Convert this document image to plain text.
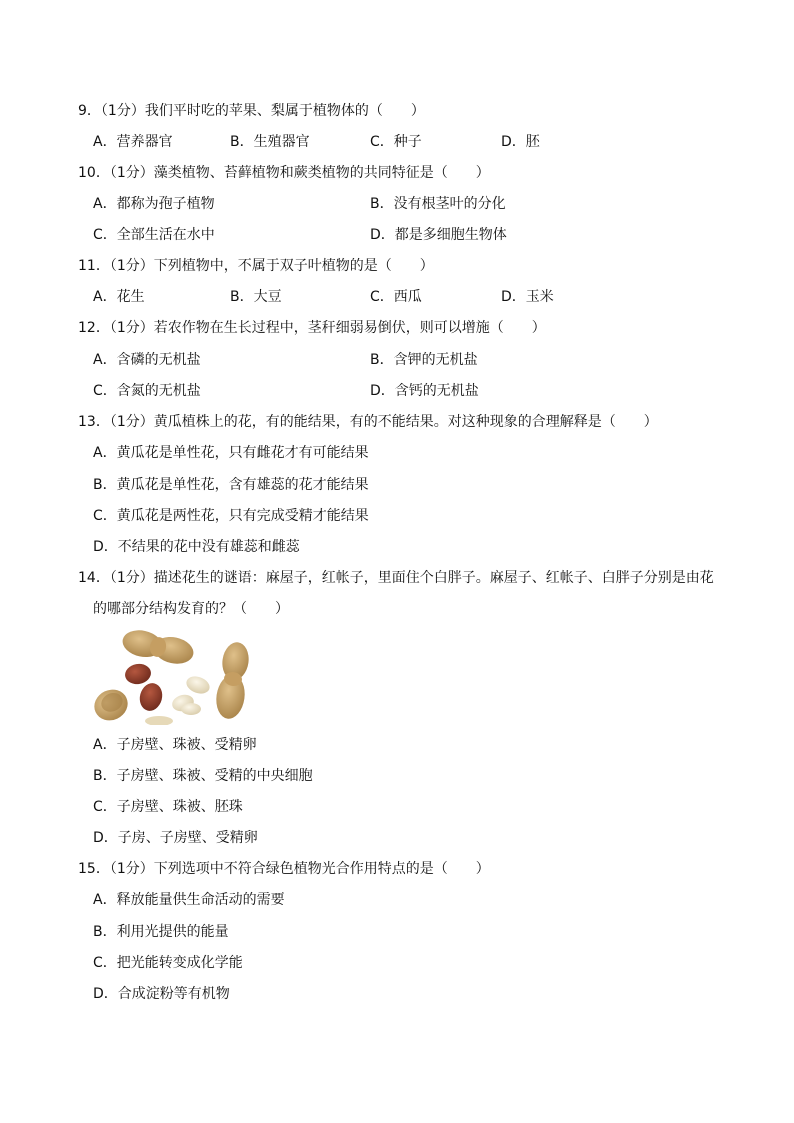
9．（1分）我们平时吃的苹果、梨属于植物体的（　　）
A．营养器官	B．生殖器官	C．种子	D．胚
10．（1分）藻类植物、苔藓植物和蕨类植物的共同特征是（　　）
A．都称为孢子植物	B．没有根茎叶的分化
C．全部生活在水中	D．都是多细胞生物体
11．（1分）下列植物中，不属于双子叶植物的是（　　）
A．花生	B．大豆	C．西瓜	D．玉米
12．（1分）若农作物在生长过程中，茎秆细弱易倒伏，则可以增施（　　）
A．含磷的无机盐	B．含钾的无机盐
C．含氮的无机盐	D．含钙的无机盐
13．（1分）黄瓜植株上的花，有的能结果，有的不能结果。对这种现象的合理解释是（　　）
A．黄瓜花是单性花，只有雌花才有可能结果
B．黄瓜花是单性花，含有雄蕊的花才能结果
C．黄瓜花是两性花，只有完成受精才能结果
D．不结果的花中没有雄蕊和雌蕊
14．（1分）描述花生的谜语：麻屋子，红帐子，里面住个白胖子。麻屋子、红帐子、白胖子分别是由花
的哪部分结构发育的？（　　）
A．子房壁、珠被、受精卵
B．子房壁、珠被、受精的中央细胞
C．子房壁、珠被、胚珠
D．子房、子房壁、受精卵
15．（1分）下列选项中不符合绿色植物光合作用特点的是（　　）
A．释放能量供生命活动的需要
B．利用光提供的能量
C．把光能转变成化学能
D．合成淀粉等有机物
